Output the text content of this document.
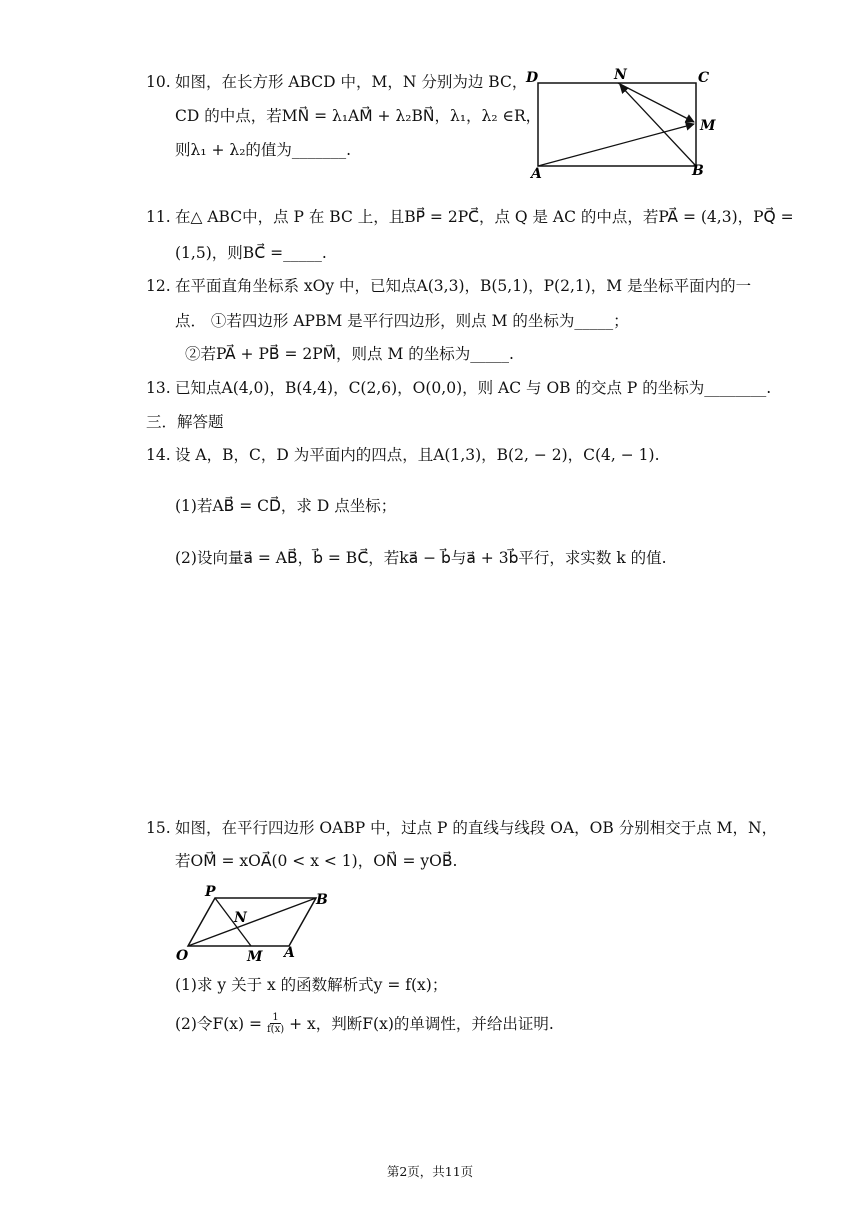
10. 如图，在长方形 ABCD 中，M，N 分别为边 BC，
CD 的中点，若MN⃗ = λ₁AM⃗ + λ₂BN⃗，λ₁，λ₂ ∈R，
则λ₁ + λ₂的值为_______.
D	N	C
M
A	B
11. 在△ ABC中，点 P 在 BC 上，且BP⃗ = 2PC⃗，点 Q 是 AC 的中点，若PA⃗ = (4,3)，PQ⃗ =
(1,5)，则BC⃗ =_____.
12. 在平面直角坐标系 xOy 中，已知点A(3,3)，B(5,1)，P(2,1)，M 是坐标平面内的一
点． ①若四边形 APBM 是平行四边形，则点 M 的坐标为_____；
②若PA⃗ + PB⃗ = 2PM⃗，则点 M 的坐标为_____.
13. 已知点A(4,0)，B(4,4)，C(2,6)，O(0,0)，则 AC 与 OB 的交点 P 的坐标为________.
三．解答题
14. 设 A，B，C，D 为平面内的四点，且A(1,3)，B(2, − 2)，C(4, − 1).
(1)若AB⃗ = CD⃗，求 D 点坐标；
(2)设向量a⃗ = AB⃗，b⃗ = BC⃗，若ka⃗ − b⃗与a⃗ + 3b⃗平行，求实数 k 的值.
15. 如图，在平行四边形 OABP 中，过点 P 的直线与线段 OA，OB 分别相交于点 M，N，
若OM⃗ = xOA⃗(0 < x < 1)，ON⃗ = yOB⃗.
P	B
N
O	M A
(1)求 y 关于 x 的函数解析式y = f(x)；
(2)令$F(x) = \frac{1}{f(x)} + x$，判断F(x)的单调性，并给出证明.
第2页，共11页
